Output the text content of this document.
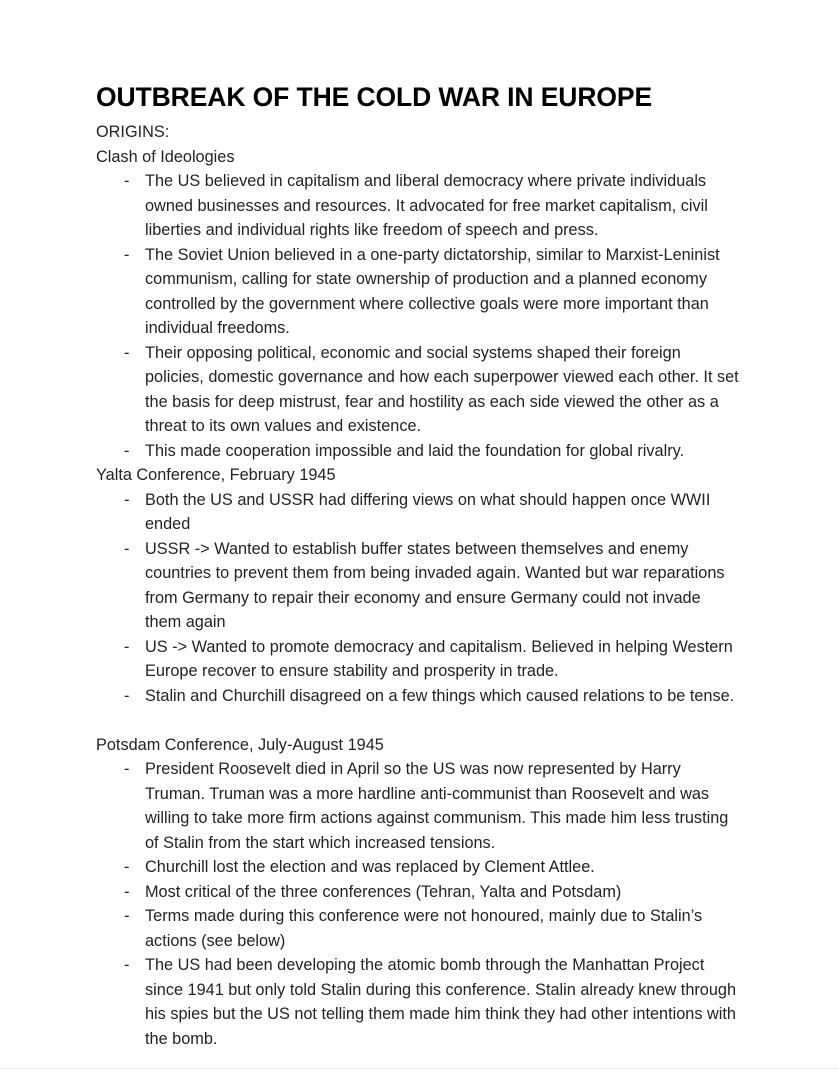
OUTBREAK OF THE COLD WAR IN EUROPE
ORIGINS:
Clash of Ideologies
- The US believed in capitalism and liberal democracy where private individuals owned businesses and resources. It advocated for free market capitalism, civil liberties and individual rights like freedom of speech and press.
- The Soviet Union believed in a one-party dictatorship, similar to Marxist-Leninist communism, calling for state ownership of production and a planned economy controlled by the government where collective goals were more important than individual freedoms.
- Their opposing political, economic and social systems shaped their foreign policies, domestic governance and how each superpower viewed each other. It set the basis for deep mistrust, fear and hostility as each side viewed the other as a threat to its own values and existence.
- This made cooperation impossible and laid the foundation for global rivalry.
Yalta Conference, February 1945
- Both the US and USSR had differing views on what should happen once WWII ended
- USSR -> Wanted to establish buffer states between themselves and enemy countries to prevent them from being invaded again. Wanted but war reparations from Germany to repair their economy and ensure Germany could not invade them again
- US -> Wanted to promote democracy and capitalism. Believed in helping Western Europe recover to ensure stability and prosperity in trade.
- Stalin and Churchill disagreed on a few things which caused relations to be tense.
Potsdam Conference, July-August 1945
- President Roosevelt died in April so the US was now represented by Harry Truman. Truman was a more hardline anti-communist than Roosevelt and was willing to take more firm actions against communism. This made him less trusting of Stalin from the start which increased tensions.
- Churchill lost the election and was replaced by Clement Attlee.
- Most critical of the three conferences (Tehran, Yalta and Potsdam)
- Terms made during this conference were not honoured, mainly due to Stalin’s actions (see below)
- The US had been developing the atomic bomb through the Manhattan Project since 1941 but only told Stalin during this conference. Stalin already knew through his spies but the US not telling them made him think they had other intentions with the bomb.
